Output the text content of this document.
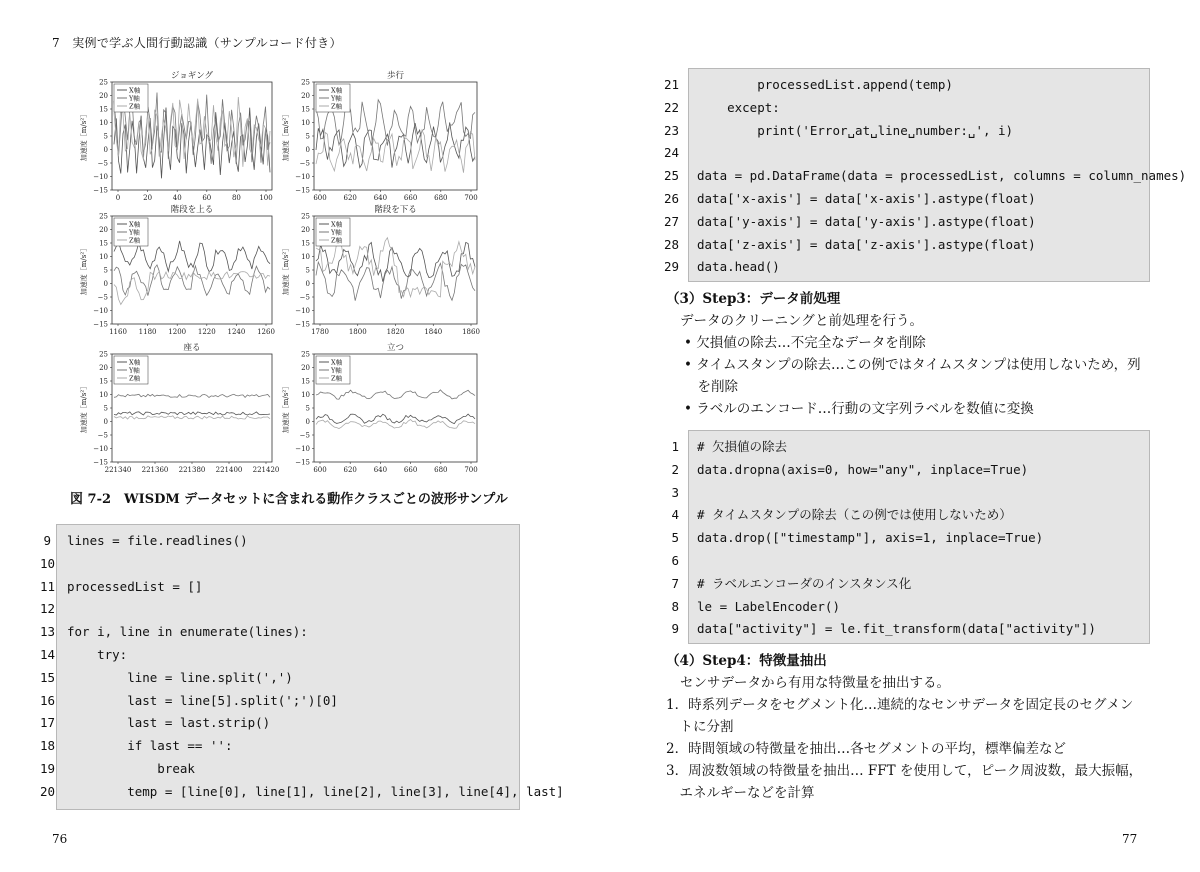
7　実例で学ぶ人間行動認識（サンプルコード付き）
ジョギング
25
20
15
10
5
0
−5
−10
−15
加速度［m/s²］
0	20	40	60	80	100
X軸
Y軸
Z軸
歩行
25
20
15
10
5
0
−5
−10
−15
加速度［m/s²］
600 620 640 660 680 700
X軸
Y軸
Z軸
階段を上る
25
20
15
10
5
0
−5
−10
−15
加速度［m/s²］
1160 1180 1200 1220 1240 1260
X軸
Y軸
Z軸
階段を下る
25
20
15
10
5
0
−5
−10
−15
加速度［m/s²］
1780	1800	1820	1840	1860
X軸
Y軸
Z軸
座る
25
20
15
10
5
0
−5
−10
−15
加速度［m/s²］
221340 221360 221380 221400 221420
X軸
Y軸
Z軸
立つ
25
20
15
10
5
0
−5
−10
−15
加速度［m/s²］
600 620 640 660 680 700
X軸
Y軸
Z軸
図 7-2　WISDM データセットに含まれる動作クラスごとの波形サンプル
9 lines = file.readlines()
10
11 processedList = []
12
13 for i, line in enumerate(lines):
14 try:
15 line = line.split(',')
16 last = line[5].split(';')[0]
17 last = last.strip()
18 if last == '':
19 break
20 temp = [line[0], line[1], line[2], line[3], line[4], last]
21 processedList.append(temp)
22 except:
23 print('Error␣at␣line␣number:␣', i)
24
25 data = pd.DataFrame(data = processedList, columns = column_names)
26 data['x-axis'] = data['x-axis'].astype(float)
27 data['y-axis'] = data['y-axis'].astype(float)
28 data['z-axis'] = data['z-axis'].astype(float)
29 data.head()
（3）Step3：データ前処理
データのクリーニングと前処理を行う。
• 欠損値の除去…不完全なデータを削除
• タイムスタンプの除去…この例ではタイムスタンプは使用しないため，列
　を削除
• ラベルのエンコード…行動の文字列ラベルを数値に変換
1 # 欠損値の除去
2 data.dropna(axis=0, how="any", inplace=True)
3
4 # タイムスタンプの除去（この例では使用しないため）
5 data.drop(["timestamp"], axis=1, inplace=True)
6
7 # ラベルエンコーダのインスタンス化
8 le = LabelEncoder()
9 data["activity"] = le.fit_transform(data["activity"])
（4）Step4：特徴量抽出
センサデータから有用な特徴量を抽出する。
1．時系列データをセグメント化…連続的なセンサデータを固定長のセグメン
　トに分割
2．時間領域の特徴量を抽出…各セグメントの平均，標準偏差など
3．周波数領域の特徴量を抽出… FFT を使用して，ピーク周波数，最大振幅，
　エネルギーなどを計算
76	77
